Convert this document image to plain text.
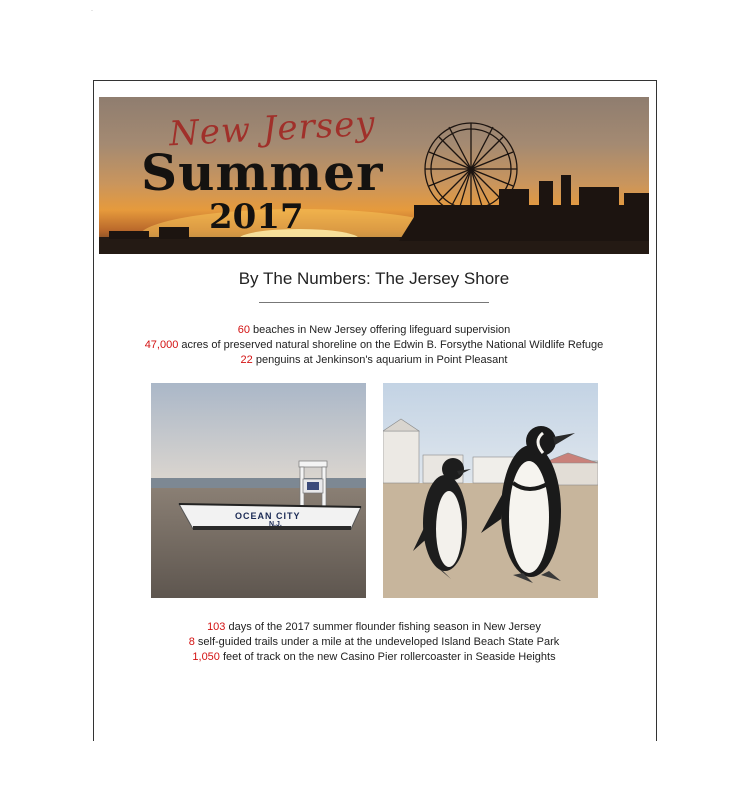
·
New Jersey
Summer
2017
By The Numbers: The Jersey Shore
60 beaches in New Jersey offering lifeguard supervision
47,000 acres of preserved natural shoreline on the Edwin B. Forsythe National Wildlife Refuge
22 penguins at Jenkinson's aquarium in Point Pleasant
OCEAN CITY
N.J.
103 days of the 2017 summer flounder fishing season in New Jersey
8 self-guided trails under a mile at the undeveloped Island Beach State Park
1,050 feet of track on the new Casino Pier rollercoaster in Seaside Heights
